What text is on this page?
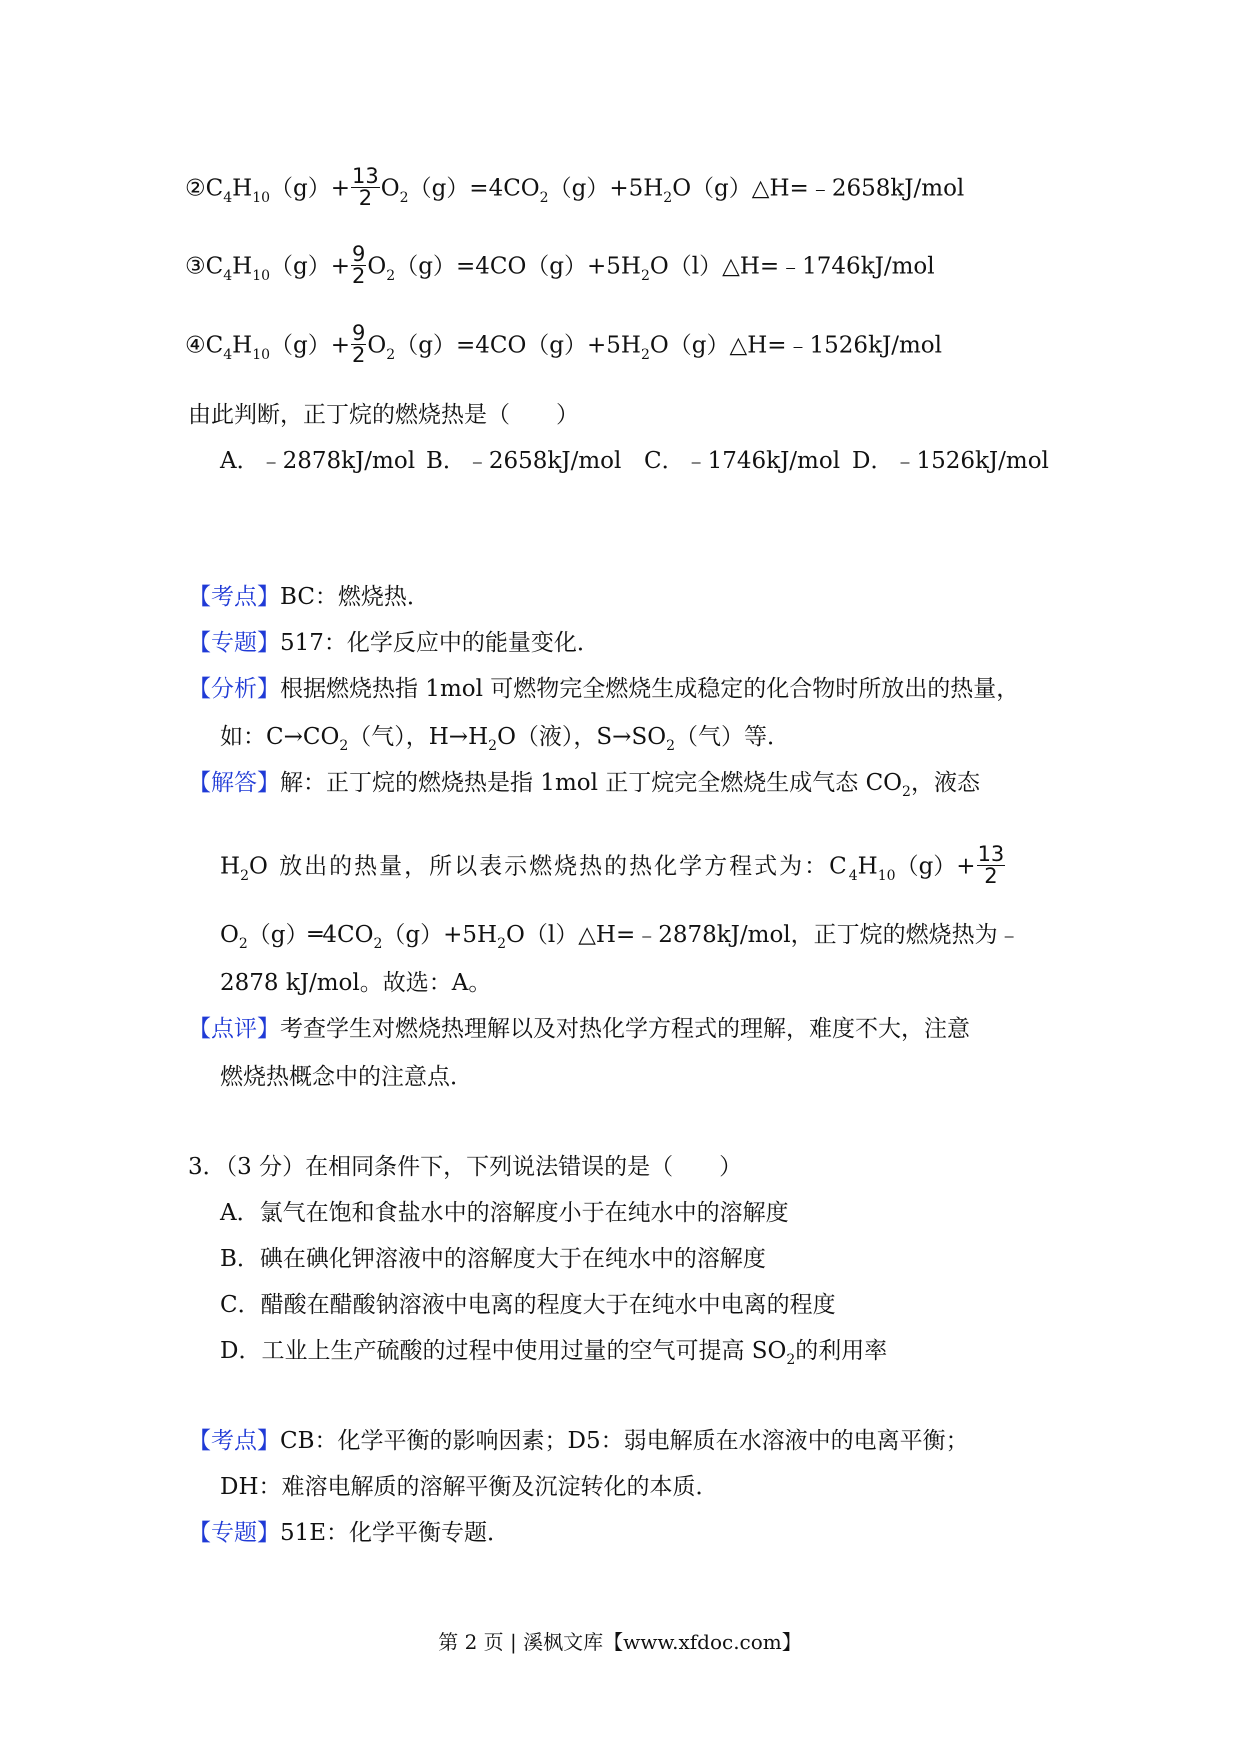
$②C_4H_{10}(g)+ \frac{13}{2}$ $O_2(g)=4CO_2(g)+5H_2O(g)\triangle H=﹣2658kJ$/mol
$③C_4H_{10}(g)+ \frac{9}{2}$ $O_2(g)=4CO(g)+5H_2O(l)\triangle H=﹣1746kJ$/mol
$④C_4H_{10}(g)+ \frac{9}{2}$ $O_2(g)=4CO(g)+5H_2O(g)\triangle H=﹣1526kJ$/mol
由此判断，正丁烷的燃烧热是（　　）
A．﹣2878kJ/mol B．﹣2658kJ/mol C．﹣1746kJ/mol D．﹣1526kJ/mol
【考点】BC：燃烧热．
【专题】517：化学反应中的能量变化．
【分析】根据燃烧热指 1mol 可燃物完全燃烧生成稳定的化合物时所放出的热量，
如：$C\to CO_2$（气），$H\to H_2O$（液），$S\to SO_2$（气）等．
【解答】解：正丁烷的燃烧热是指 1mol 正丁烷完全燃烧生成气态 $CO_2$，液态
$H_2O$ 放出的热量，所以表示燃烧热的热化学方程式为：$C_4H_{10}(g)+ \frac{13}{2}$
$O_2(g)═4CO_2(g)+5H_2O(l)\triangle H=﹣2878kJ$/mol，正丁烷的燃烧热为﹣
2878 kJ/mol。故选：A。
【点评】考查学生对燃烧热理解以及对热化学方程式的理解，难度不大，注意
燃烧热概念中的注意点．
3．（3 分）在相同条件下，下列说法错误的是（　　）
A．氯气在饱和食盐水中的溶解度小于在纯水中的溶解度
B．碘在碘化钾溶液中的溶解度大于在纯水中的溶解度
C．醋酸在醋酸钠溶液中电离的程度大于在纯水中电离的程度
D．工业上生产硫酸的过程中使用过量的空气可提高 $SO_2$的利用率
【考点】CB：化学平衡的影响因素；D5：弱电解质在水溶液中的电离平衡；
DH：难溶电解质的溶解平衡及沉淀转化的本质．
【专题】51E：化学平衡专题．
第 2 页 | 溪枫文库【www.xfdoc.com】
